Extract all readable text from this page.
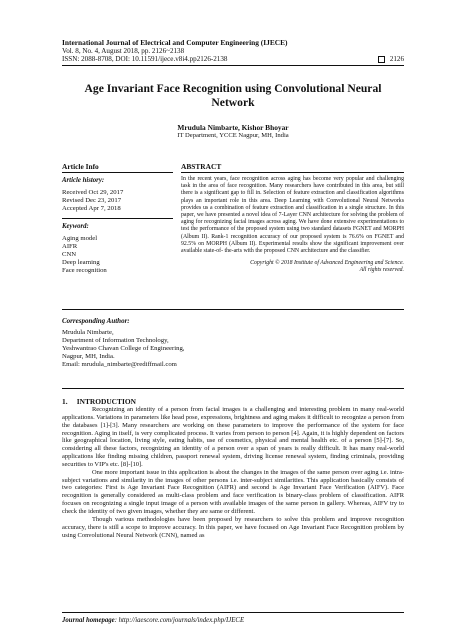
International Journal of Electrical and Computer Engineering (IJECE)
Vol. 8, No. 4, August 2018, pp. 2126~2138
ISSN: 2088-8708, DOI: 10.11591/ijece.v8i4.pp2126-2138	2126
Age Invariant Face Recognition using Convolutional Neural Network
Mrudula Nimbarte, Kishor Bhoyar
IT Department, YCCE Nagpur, MH, India
Article Info
Article history:
Received Oct 29, 2017
Revised Dec 23, 2017
Accepted Apr 7, 2018
Keyword:
Aging model
AIFR
CNN
Deep learning
Face recognition
ABSTRACT

In the recent years, face recognition across aging has become very popular and challenging task in the area of face recognition. Many researchers have contributed in this area, but still there is a significant gap to fill in. Selection of feature extraction and classification algorithms plays an important role in this area. Deep Learning with Convolutional Neural Networks provides us a combination of feature extraction and classification in a single structure. In this paper, we have presented a novel idea of 7-Layer CNN architecture for solving the problem of aging for recognizing facial images across aging. We have done extensive experimentations to test the performance of the proposed system using two standard datasets FGNET and MORPH (Album II). Rank-1 recognition accuracy of our proposed system is 76.6% on FGNET and 92.5% on MORPH (Album II). Experimental results show the significant improvement over available state-of- the-arts with the proposed CNN architecture and the classifier.

Copyright © 2018 Institute of Advanced Engineering and Science.
All rights reserved.
Corresponding Author:
Mrudula Nimbarte,
Department of Information Technology,
Yeshwantrao Chavan College of Engineering,
Nagpur, MH, India.
Email: mrudula_nimbarte@rediffmail.com
1.     INTRODUCTION

Recognizing an identity of a person from facial images is a challenging and interesting problem in many real-world applications. Variations in parameters like head pose, expressions, brightness and aging makes it difficult to recognize a person from the databases [1]-[3]. Many researchers are working on these parameters to improve the performance of the system for face recognition. Aging in itself, is very complicated process. It varies from person to person [4]. Again, it is highly dependent on factors like geographical location, living style, eating habits, use of cosmetics, physical and mental health etc. of a person [5]-[7]. So, considering all these factors, recognizing an identity of a person over a span of years is really difficult. It has many real-world applications like finding missing children, passport renewal system, driving license renewal system, finding criminals, providing securities to VIP's etc. [8]-[10].

One more important issue in this application is about the changes in the images of the same person over aging i.e. intra-subject variations and similarity in the images of other persons i.e. inter-subject similarities. This application basically consists of two categories: First is Age Invariant Face Recognition (AIFR) and second is Age Invariant Face Verification (AIFV). Face recognition is generally considered as multi-class problem and face verification is binary-class problem of classification. AIFR focuses on recognizing a single input image of a person with available images of the same person in gallery. Whereas, AIFV try to check the identity of two given images, whether they are same or different.

Though various methodologies have been proposed by researchers to solve this problem and improve recognition accuracy, there is still a scope to improve accuracy. In this paper, we have focused on Age Invariant Face Recognition problem by using Convolutional Neural Network (CNN), named as

Journal homepage: http://iaescore.com/journals/index.php/IJECE
